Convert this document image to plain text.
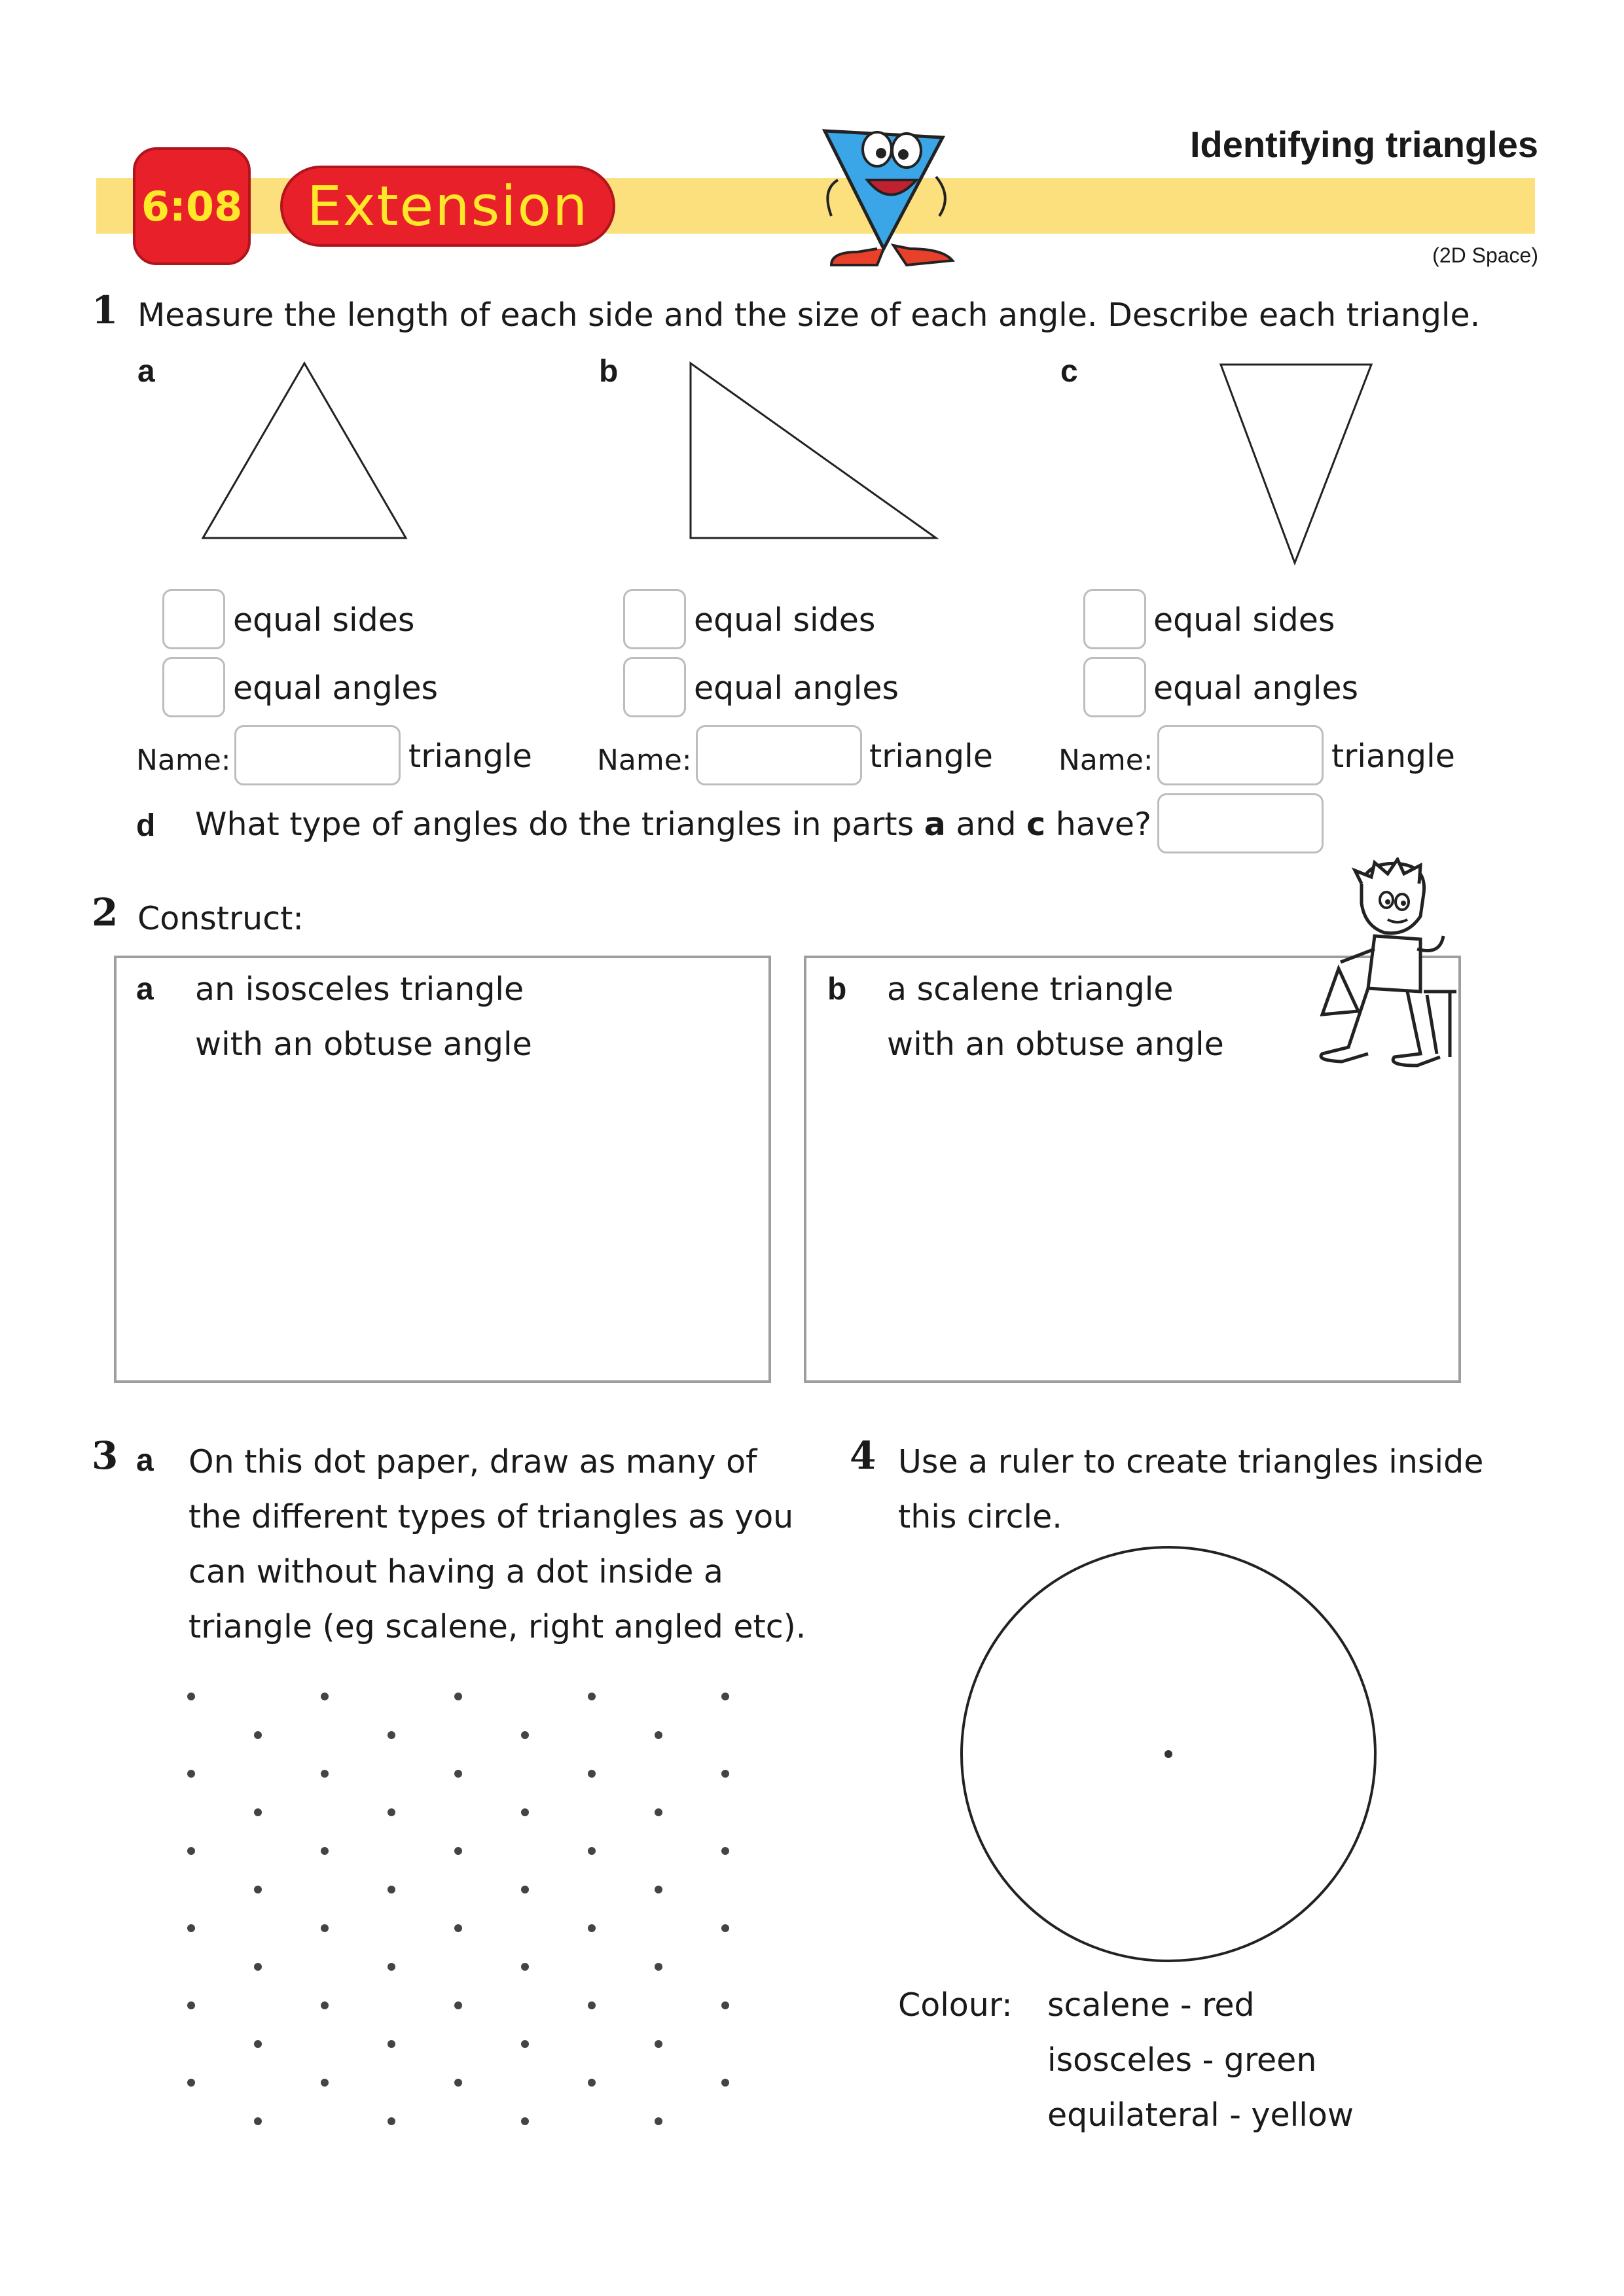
6:08	Extension
Identifying triangles
(2D Space)
1 Measure the length of each side and the size of each angle. Describe each triangle.
a	b	c
equal sides
equal angles
Name:	triangle
equal sides
equal angles
Name:	triangle
equal sides
equal angles
Name:	triangle
d What type of angles do the triangles in parts a and c have?
2 Construct:
a an isosceles triangle
with an obtuse angle
b a scalene triangle
with an obtuse angle
3 a On this dot paper, draw as many of
the different types of triangles as you
can without having a dot inside a
triangle (eg scalene, right angled etc).
4 Use a ruler to create triangles inside
this circle.
Colour: scalene - red
isosceles - green
equilateral - yellow
